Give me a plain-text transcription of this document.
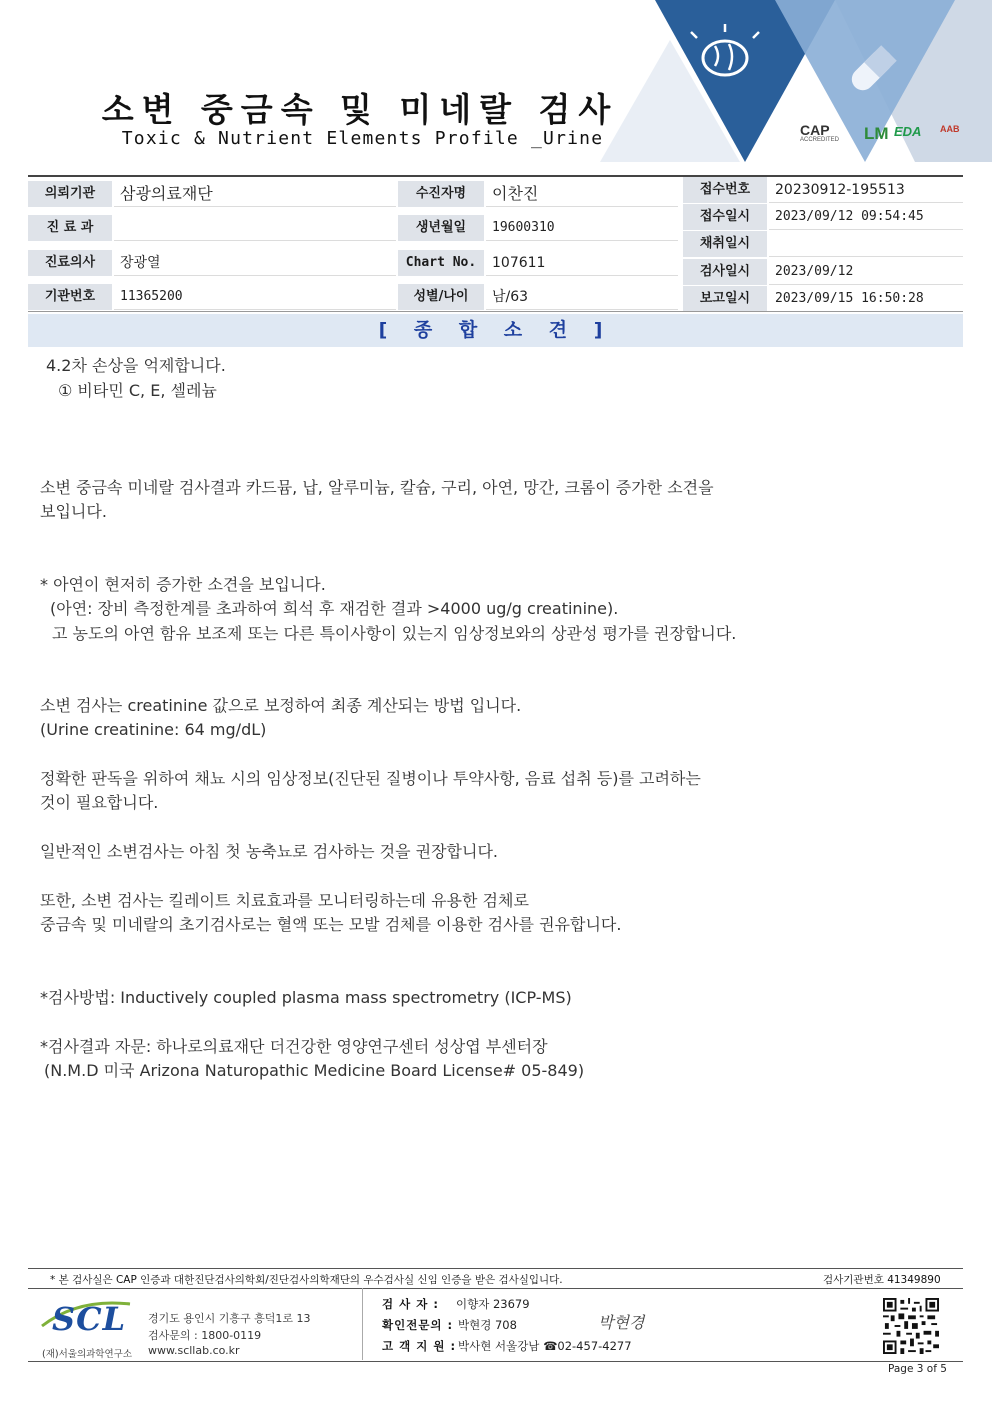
CAP
ACCREDITED LM EDA AAB
소변 중금속 및 미네랄 검사
Toxic & Nutrient Elements Profile _Urine
의뢰기관	삼광의료재단
진 료 과
진료의사	장광열
기관번호	11365200
수진자명	이찬진
생년월일	19600310
Chart No.	107611
성별/나이	남/63
접수번호	20230912-195513
접수일시	2023/09/12 09:54:45
채취일시
검사일시	2023/09/12
보고일시	2023/09/15 16:50:28
[ 종 합 소 견 ]
4.2차 손상을 억제합니다.
① 비타민 C, E, 셀레늄
소변 중금속 미네랄 검사결과 카드뮴, 납, 알루미늄, 칼슘, 구리, 아연, 망간, 크롬이 증가한 소견을
보입니다.
* 아연이 현저히 증가한 소견을 보입니다.
(아연: 장비 측정한계를 초과하여 희석 후 재검한 결과 >4000 ug/g creatinine).
고 농도의 아연 함유 보조제 또는 다른 특이사항이 있는지 임상정보와의 상관성 평가를 권장합니다.
소변 검사는 creatinine 값으로 보정하여 최종 계산되는 방법 입니다.
(Urine creatinine: 64 mg/dL)
정확한 판독을 위하여 채뇨 시의 임상정보(진단된 질병이나 투약사항, 음료 섭취 등)를 고려하는
것이 필요합니다.
일반적인 소변검사는 아침 첫 농축뇨로 검사하는 것을 권장합니다.
또한, 소변 검사는 킬레이트 치료효과를 모니터링하는데 유용한 검체로
중금속 및 미네랄의 초기검사로는 혈액 또는 모발 검체를 이용한 검사를 권유합니다.
*검사방법: Inductively coupled plasma mass spectrometry (ICP-MS)
*검사결과 자문: 하나로의료재단 더건강한 영양연구센터 성상엽 부센터장
(N.M.D 미국 Arizona Naturopathic Medicine Board License# 05-849)
* 본 검사실은 CAP 인증과 대한진단검사의학회/진단검사의학재단의 우수검사실 신임 인증을 받은 검사실입니다.	검사기관번호 41349890
SCL
(재)서울의과학연구소
경기도 용인시 기흥구 흥덕1로 13
검사문의 : 1800-0119
www.scllab.co.kr
검 사 자 : 이향자 23679
확인전문의 : 박현경 708
고 객 지 원 : 박사현 서울강남 ☎02-457-4277
박현경
Page 3 of 5
